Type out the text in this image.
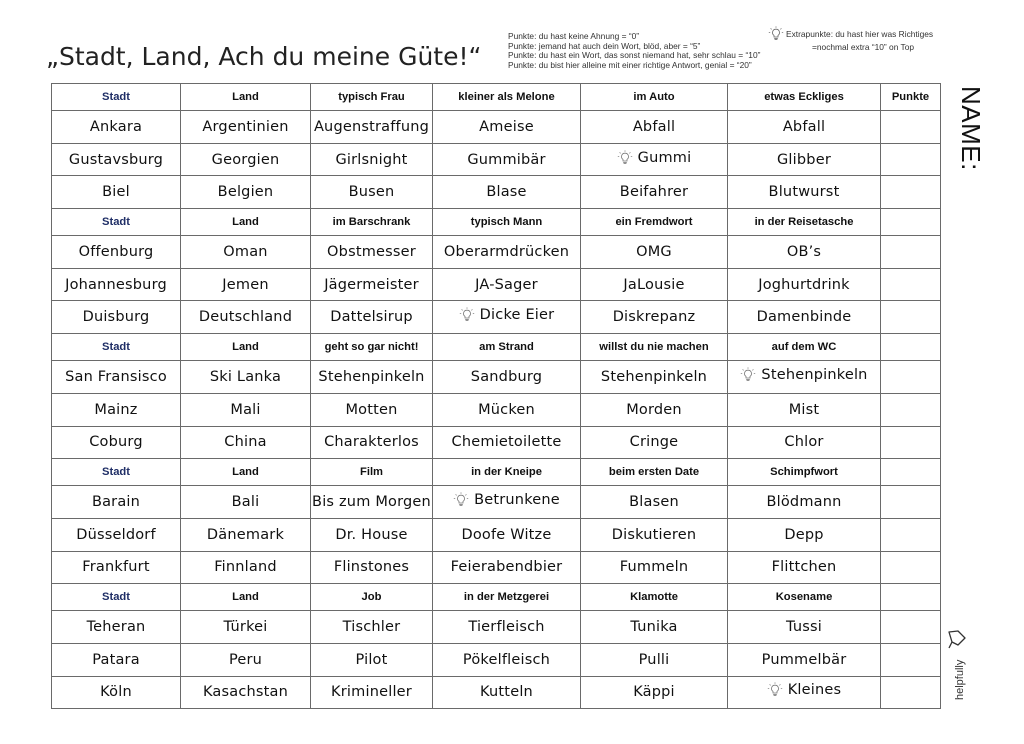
„Stadt, Land, Ach du meine Güte!“
Punkte: du hast keine Ahnung = “0”
Punkte: jemand hat auch dein Wort, blöd, aber = “5”
Punkte: du hast ein Wort, das sonst niemand hat, sehr schlau = “10”
Punkte: du bist hier alleine mit einer richtige Antwort, genial = “20”
Extrapunkte: du hast hier was Richtiges
=nochmal extra “10” on Top
NAME:
helpfully
Stadt	Land	typisch Frau	kleiner als Melone	im Auto	etwas Eckliges	Punkte

Ankara	Argentinien	Augenstraffung	Ameise	Abfall	Abfall	

Gustavsburg	Georgien	Girlsnight	Gummibär	Gummi	Glibber	

Biel	Belgien	Busen	Blase	Beifahrer	Blutwurst	

Stadt	Land	im Barschrank	typisch Mann	ein Fremdwort	in der Reisetasche	

Offenburg	Oman	Obstmesser	Oberarmdrücken	OMG	OB’s	

Johannesburg	Jemen	Jägermeister	JA-Sager	JaLousie	Joghurtdrink	

Duisburg	Deutschland	Dattelsirup	Dicke Eier	Diskrepanz	Damenbinde	

Stadt	Land	geht so gar nicht!	am Strand	willst du nie machen	auf dem WC	

San Fransisco	Ski Lanka	Stehenpinkeln	Sandburg	Stehenpinkeln	Stehenpinkeln	

Mainz	Mali	Motten	Mücken	Morden	Mist	

Coburg	China	Charakterlos	Chemietoilette	Cringe	Chlor	

Stadt	Land	Film	in der Kneipe	beim ersten Date	Schimpfwort	

Barain	Bali	Bis zum Morgen	Betrunkene	Blasen	Blödmann	

Düsseldorf	Dänemark	Dr. House	Doofe Witze	Diskutieren	Depp	

Frankfurt	Finnland	Flinstones	Feierabendbier	Fummeln	Flittchen	

Stadt	Land	Job	in der Metzgerei	Klamotte	Kosename	

Teheran	Türkei	Tischler	Tierfleisch	Tunika	Tussi	

Patara	Peru	Pilot	Pökelfleisch	Pulli	Pummelbär	

Köln	Kasachstan	Krimineller	Kutteln	Käppi	Kleines	
